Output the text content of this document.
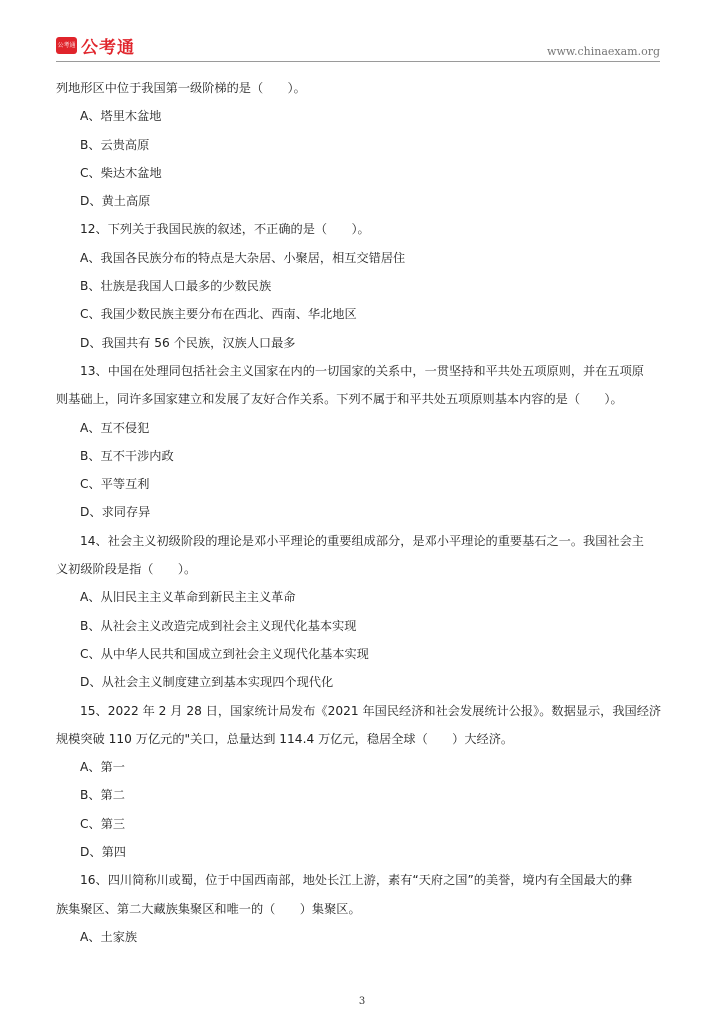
公考通 公考通	www.chinaexam.org
列地形区中位于我国第一级阶梯的是（　　）。
A、塔里木盆地
B、云贵高原
C、柴达木盆地
D、黄土高原
12、下列关于我国民族的叙述，不正确的是（　　）。
A、我国各民族分布的特点是大杂居、小聚居，相互交错居住
B、壮族是我国人口最多的少数民族
C、我国少数民族主要分布在西北、西南、华北地区
D、我国共有 56 个民族，汉族人口最多
13、中国在处理同包括社会主义国家在内的一切国家的关系中，一贯坚持和平共处五项原则，并在五项原
则基础上，同许多国家建立和发展了友好合作关系。下列不属于和平共处五项原则基本内容的是（　　）。
A、互不侵犯
B、互不干涉内政
C、平等互利
D、求同存异
14、社会主义初级阶段的理论是邓小平理论的重要组成部分，是邓小平理论的重要基石之一。我国社会主
义初级阶段是指（　　）。
A、从旧民主主义革命到新民主主义革命
B、从社会主义改造完成到社会主义现代化基本实现
C、从中华人民共和国成立到社会主义现代化基本实现
D、从社会主义制度建立到基本实现四个现代化
15、2022 年 2 月 28 日，国家统计局发布《2021 年国民经济和社会发展统计公报》。数据显示，我国经济
规模突破 110 万亿元的"关口，总量达到 114.4 万亿元，稳居全球（　　）大经济。
A、第一
B、第二
C、第三
D、第四
16、四川简称川或蜀，位于中国西南部，地处长江上游，素有“天府之国”的美誉，境内有全国最大的彝
族集聚区、第二大藏族集聚区和唯一的（　　）集聚区。
A、土家族
3
